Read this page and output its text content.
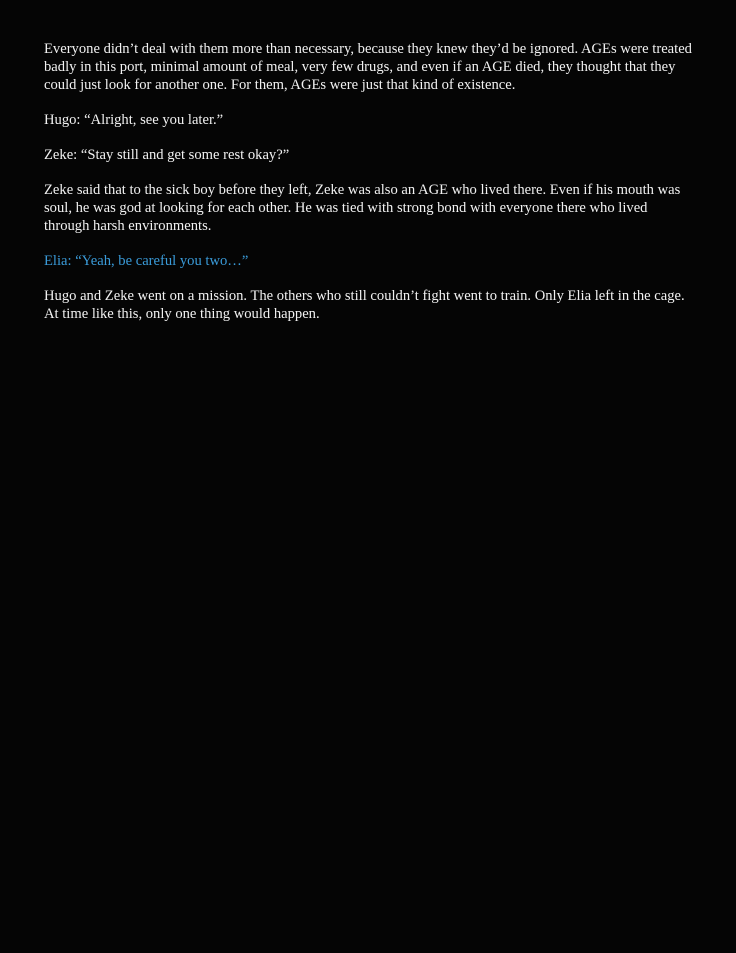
Everyone didn’t deal with them more than necessary, because they knew they’d be ignored. AGEs were treated badly in this port, minimal amount of meal, very few drugs, and even if an AGE died, they thought that they could just look for another one. For them, AGEs were just that kind of existence.

Hugo: “Alright, see you later.”

Zeke: “Stay still and get some rest okay?”

Zeke said that to the sick boy before they left, Zeke was also an AGE who lived there. Even if his mouth was soul, he was god at looking for each other. He was tied with strong bond with everyone there who lived through harsh environments.

Elia: “Yeah, be careful you two…”

Hugo and Zeke went on a mission. The others who still couldn’t fight went to train. Only Elia left in the cage. At time like this, only one thing would happen.
